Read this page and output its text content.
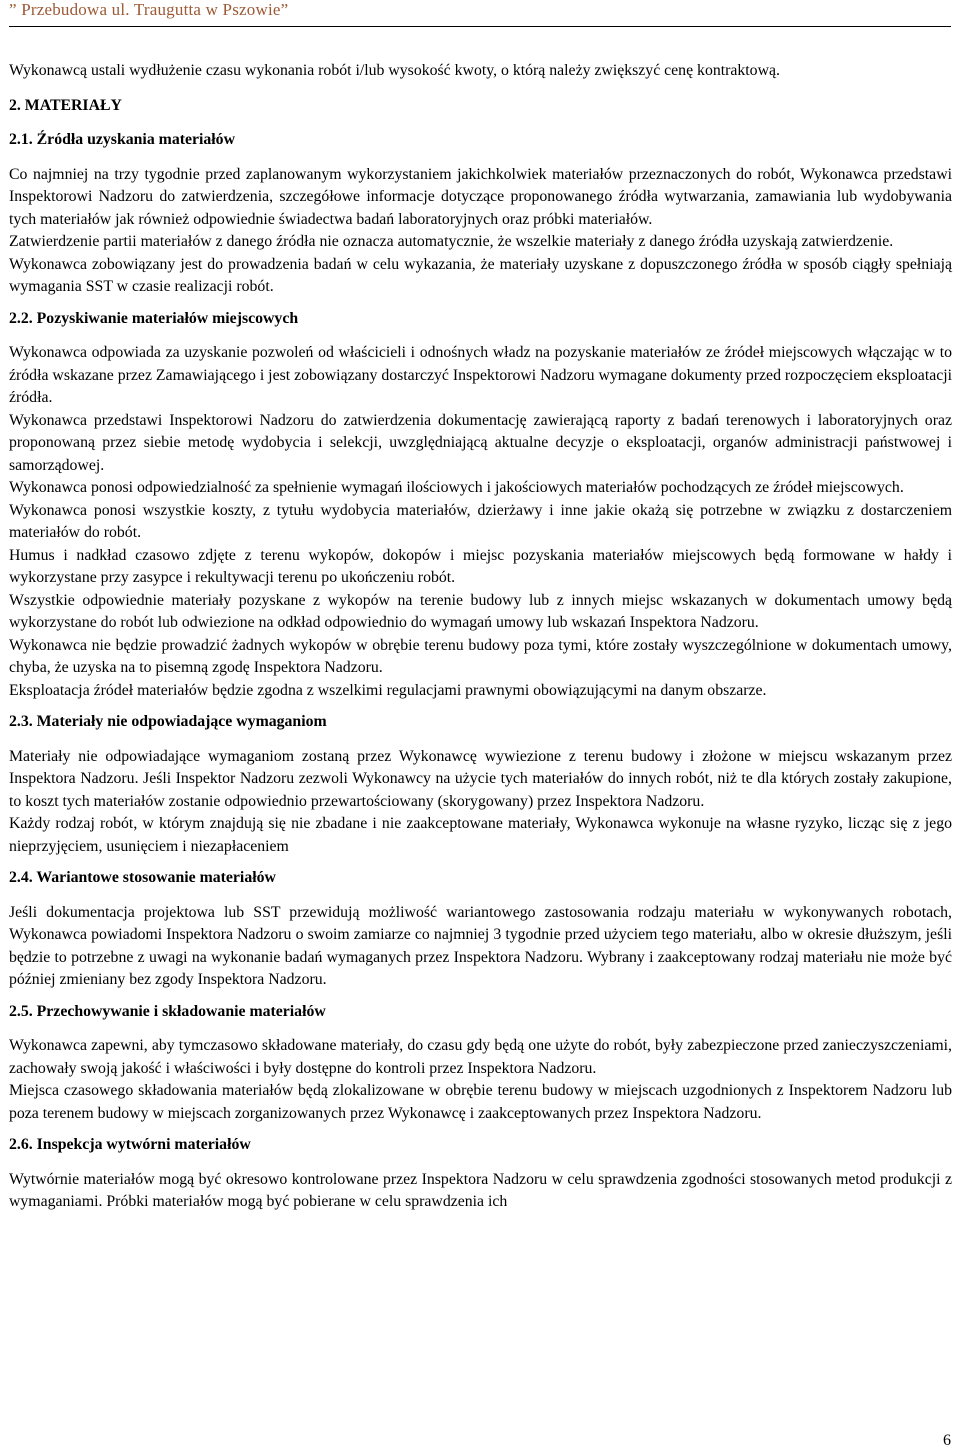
” Przebudowa ul. Traugutta w Pszowie”

Wykonawcą ustali wydłużenie czasu wykonania robót i/lub wysokość kwoty, o którą należy zwiększyć cenę kontraktową.

2. MATERIAŁY

2.1. Źródła uzyskania materiałów

Co najmniej na trzy tygodnie przed zaplanowanym wykorzystaniem jakichkolwiek materiałów przeznaczonych do robót, Wykonawca przedstawi Inspektorowi Nadzoru do zatwierdzenia, szczegółowe informacje dotyczące proponowanego źródła wytwarzania, zamawiania lub wydobywania tych materiałów jak również odpowiednie świadectwa badań laboratoryjnych oraz próbki materiałów.

Zatwierdzenie partii materiałów z danego źródła nie oznacza automatycznie, że wszelkie materiały z danego źródła uzyskają zatwierdzenie.

Wykonawca zobowiązany jest do prowadzenia badań w celu wykazania, że materiały uzyskane z dopuszczonego źródła w sposób ciągły spełniają wymagania SST w czasie realizacji robót.

2.2. Pozyskiwanie materiałów miejscowych

Wykonawca odpowiada za uzyskanie pozwoleń od właścicieli i odnośnych władz na pozyskanie materiałów ze źródeł miejscowych włączając w to źródła wskazane przez Zamawiającego i jest zobowiązany dostarczyć Inspektorowi Nadzoru wymagane dokumenty przed rozpoczęciem eksploatacji źródła.

Wykonawca przedstawi Inspektorowi Nadzoru do zatwierdzenia dokumentację zawierającą raporty z badań terenowych i laboratoryjnych oraz proponowaną przez siebie metodę wydobycia i selekcji, uwzględniającą aktualne decyzje o eksploatacji, organów administracji państwowej i samorządowej.

Wykonawca ponosi odpowiedzialność za spełnienie wymagań ilościowych i jakościowych materiałów pochodzących ze źródeł miejscowych.

Wykonawca ponosi wszystkie koszty, z tytułu wydobycia materiałów, dzierżawy i inne jakie okażą się potrzebne w związku z dostarczeniem materiałów do robót.

Humus i nadkład czasowo zdjęte z terenu wykopów, dokopów i miejsc pozyskania materiałów miejscowych będą formowane w hałdy i wykorzystane przy zasypce i rekultywacji terenu po ukończeniu robót.

Wszystkie odpowiednie materiały pozyskane z wykopów na terenie budowy lub z innych miejsc wskazanych w dokumentach umowy będą wykorzystane do robót lub odwiezione na odkład odpowiednio do wymagań umowy lub wskazań Inspektora Nadzoru.

Wykonawca nie będzie prowadzić żadnych wykopów w obrębie terenu budowy poza tymi, które zostały wyszczególnione w dokumentach umowy, chyba, że uzyska na to pisemną zgodę Inspektora Nadzoru.

Eksploatacja źródeł materiałów będzie zgodna z wszelkimi regulacjami prawnymi obowiązującymi na danym obszarze.

2.3. Materiały nie odpowiadające wymaganiom

Materiały nie odpowiadające wymaganiom zostaną przez Wykonawcę wywiezione z terenu budowy i złożone w miejscu wskazanym przez Inspektora Nadzoru. Jeśli Inspektor Nadzoru zezwoli Wykonawcy na użycie tych materiałów do innych robót, niż te dla których zostały zakupione, to koszt tych materiałów zostanie odpowiednio przewartościowany (skorygowany) przez Inspektora Nadzoru.

Każdy rodzaj robót, w którym znajdują się nie zbadane i nie zaakceptowane materiały, Wykonawca wykonuje na własne ryzyko, licząc się z jego nieprzyjęciem, usunięciem i niezapłaceniem

2.4. Wariantowe stosowanie materiałów

Jeśli dokumentacja projektowa lub SST przewidują możliwość wariantowego zastosowania rodzaju materiału w wykonywanych robotach, Wykonawca powiadomi Inspektora Nadzoru o swoim zamiarze co najmniej 3 tygodnie przed użyciem tego materiału, albo w okresie dłuższym, jeśli będzie to potrzebne z uwagi na wykonanie badań wymaganych przez Inspektora Nadzoru. Wybrany i zaakceptowany rodzaj materiału nie może być później zmieniany bez zgody Inspektora Nadzoru.

2.5. Przechowywanie i składowanie materiałów

Wykonawca zapewni, aby tymczasowo składowane materiały, do czasu gdy będą one użyte do robót, były zabezpieczone przed zanieczyszczeniami, zachowały swoją jakość i właściwości i były dostępne do kontroli przez Inspektora Nadzoru.

Miejsca czasowego składowania materiałów będą zlokalizowane w obrębie terenu budowy w miejscach uzgodnionych z Inspektorem Nadzoru lub poza terenem budowy w miejscach zorganizowanych przez Wykonawcę i zaakceptowanych przez Inspektora Nadzoru.

2.6. Inspekcja wytwórni materiałów

Wytwórnie materiałów mogą być okresowo kontrolowane przez Inspektora Nadzoru w celu sprawdzenia zgodności stosowanych metod produkcji z wymaganiami. Próbki materiałów mogą być pobierane w celu sprawdzenia ich

6
